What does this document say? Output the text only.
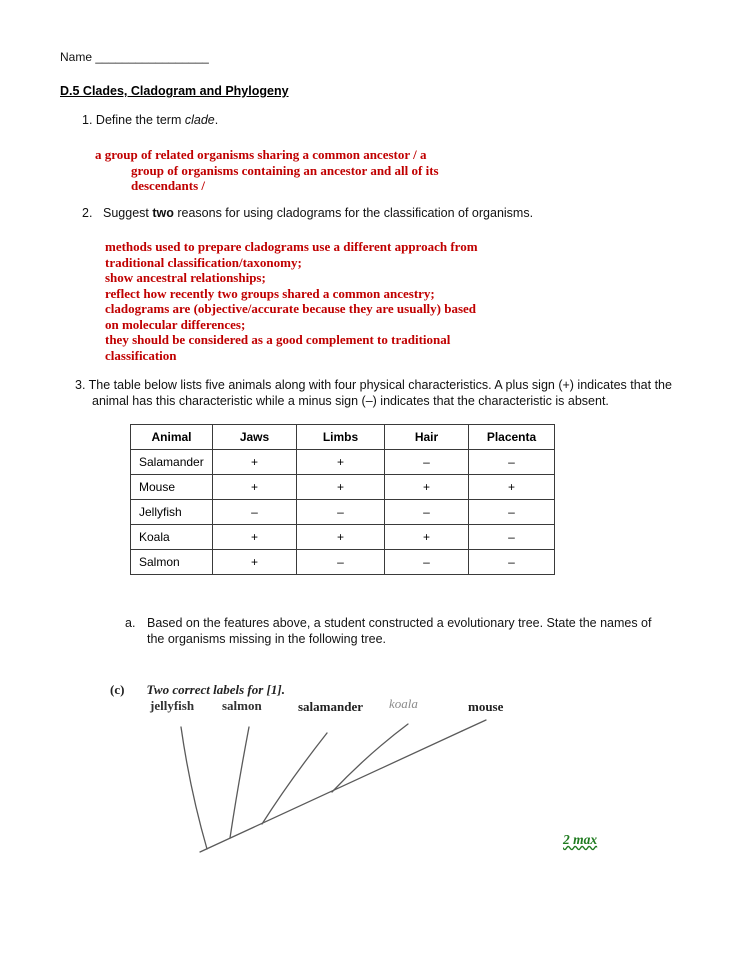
Name _________________
D.5 Clades, Cladogram and Phylogeny
1. Define the term clade.
a group of related organisms sharing a common ancestor / a
group of organisms containing an ancestor and all of its
descendants /
2. Suggest two reasons for using cladograms for the classification of organisms.
methods used to prepare cladograms use a different approach from
traditional classification/taxonomy;
show ancestral relationships;
reflect how recently two groups shared a common ancestry;
cladograms are (objective/accurate because they are usually) based
on molecular differences;
they should be considered as a good complement to traditional
classification
3. The table below lists five animals along with four physical characteristics. A plus sign (+) indicates that the animal has this characteristic while a minus sign (–) indicates that the characteristic is absent.
Animal	Jaws	Limbs	Hair	Placenta
Salamander	+	+	–	–
Mouse	+	+	+	+
Jellyfish	–	–	–	–
Koala	+	+	+	–
Salmon	+	–	–	–
a. Based on the features above, a student constructed a evolutionary tree. State the names of the organisms missing in the following tree.
(c) Two correct labels for [1].
jellyfish salmon	salamander koala	mouse
2 max
